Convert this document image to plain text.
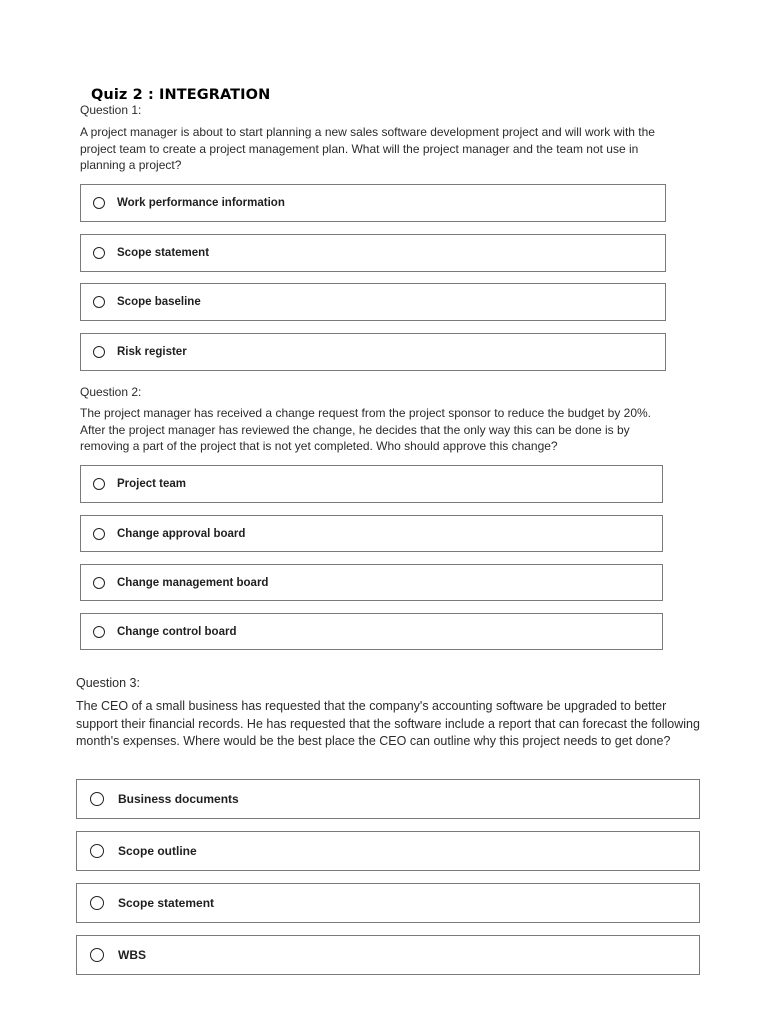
Quiz 2 : INTEGRATION
Question 1:
A project manager is about to start planning a new sales software development project and will work with the project team to create a project management plan. What will the project manager and the team not use in planning a project?
Work performance information
Scope statement
Scope baseline
Risk register
Question 2:
The project manager has received a change request from the project sponsor to reduce the budget by 20%. After the project manager has reviewed the change, he decides that the only way this can be done is by removing a part of the project that is not yet completed. Who should approve this change?
Project team
Change approval board
Change management board
Change control board
Question 3:
The CEO of a small business has requested that the company's accounting software be upgraded to better support their financial records. He has requested that the software include a report that can forecast the following month's expenses. Where would be the best place the CEO can outline why this project needs to get done?
Business documents
Scope outline
Scope statement
WBS
